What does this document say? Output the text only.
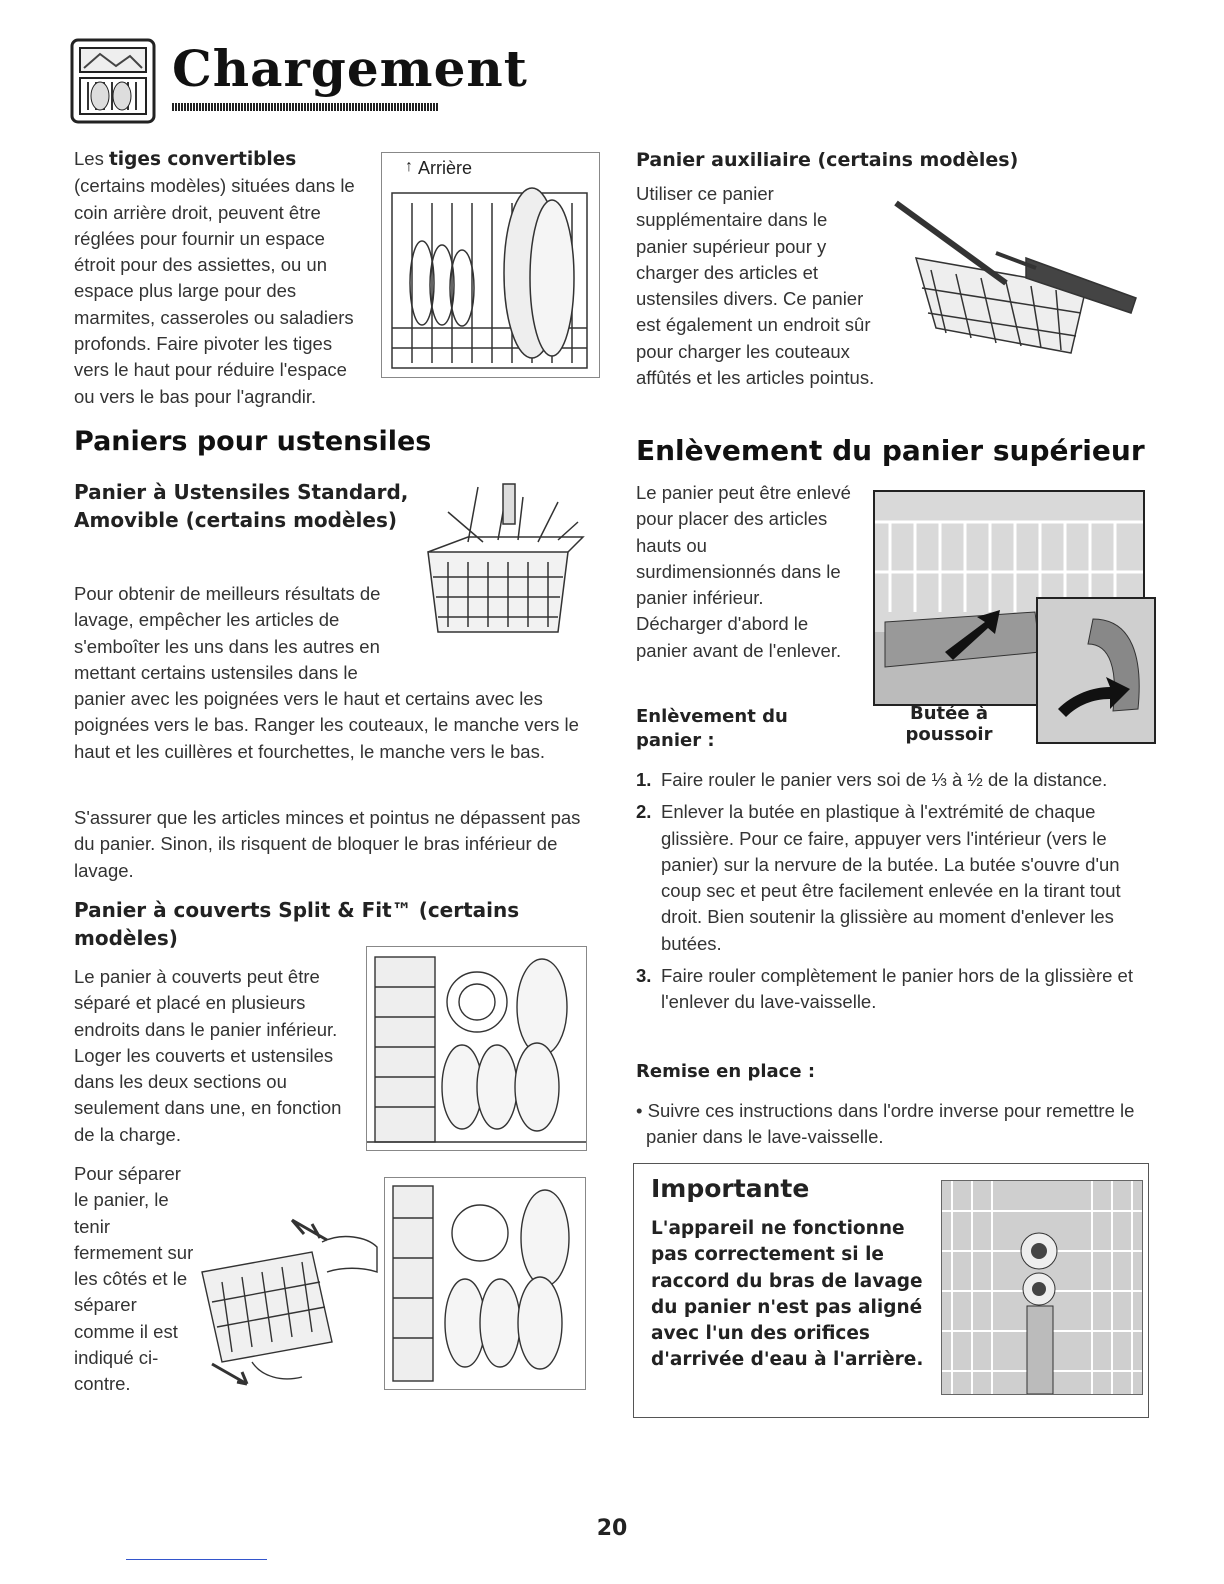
Chargement
Arrière
↑
Les tiges convertibles (certains modèles) situées dans le coin arrière droit, peuvent être réglées pour fournir un espace étroit pour des assiettes, ou un espace plus large pour des marmites, casseroles ou saladiers profonds. Faire pivoter les tiges vers le haut pour réduire l'espace ou vers le bas pour l'agrandir.
Paniers pour ustensiles
Panier à Ustensiles Standard, Amovible (certains modèles)
Pour obtenir de meilleurs résultats de lavage, empêcher les articles de s'emboîter les uns dans les autres en mettant certains ustensiles dans le panier avec les poignées vers le haut et certains avec les poignées vers le bas. Ranger les couteaux, le manche vers le haut et les cuillères et fourchettes, le manche vers le bas.
S'assurer que les articles minces et pointus ne dépassent pas du panier. Sinon, ils risquent de bloquer le bras inférieur de lavage.
Panier à couverts Split & Fit™ (certains modèles)
Le panier à couverts peut être séparé et placé en plusieurs endroits dans le panier inférieur. Loger les couverts et ustensiles dans les deux sections ou seulement dans une, en fonction de la charge.
Pour séparer le panier, le tenir fermement sur les côtés et le séparer comme il est indiqué ci-contre.
Panier auxiliaire (certains modèles)
Utiliser ce panier supplémentaire dans le panier supérieur pour y charger des articles et ustensiles divers. Ce panier est également un endroit sûr pour charger les couteaux affûtés et les articles pointus.
Enlèvement du panier supérieur
Butée à poussoir
Le panier peut être enlevé pour placer des articles hauts ou surdimensionnés dans le panier inférieur. Décharger d'abord le panier avant de l'enlever.
Enlèvement du panier :
1. Faire rouler le panier vers soi de ⅓ à ½ de la distance.
2. Enlever la butée en plastique à l'extrémité de chaque glissière. Pour ce faire, appuyer vers l'intérieur (vers le panier) sur la nervure de la butée. La butée s'ouvre d'un coup sec et peut être facilement enlevée en la tirant tout droit. Bien soutenir la glissière au moment d'enlever les butées.
3. Faire rouler complètement le panier hors de la glissière et l'enlever du lave-vaisselle.
Remise en place :
• Suivre ces instructions dans l'ordre inverse pour remettre le panier dans le lave-vaisselle.
Importante
L'appareil ne fonctionne pas correctement si le raccord du bras de lavage du panier n'est pas aligné avec l'un des orifices d'arrivée d'eau à l'arrière.
20
